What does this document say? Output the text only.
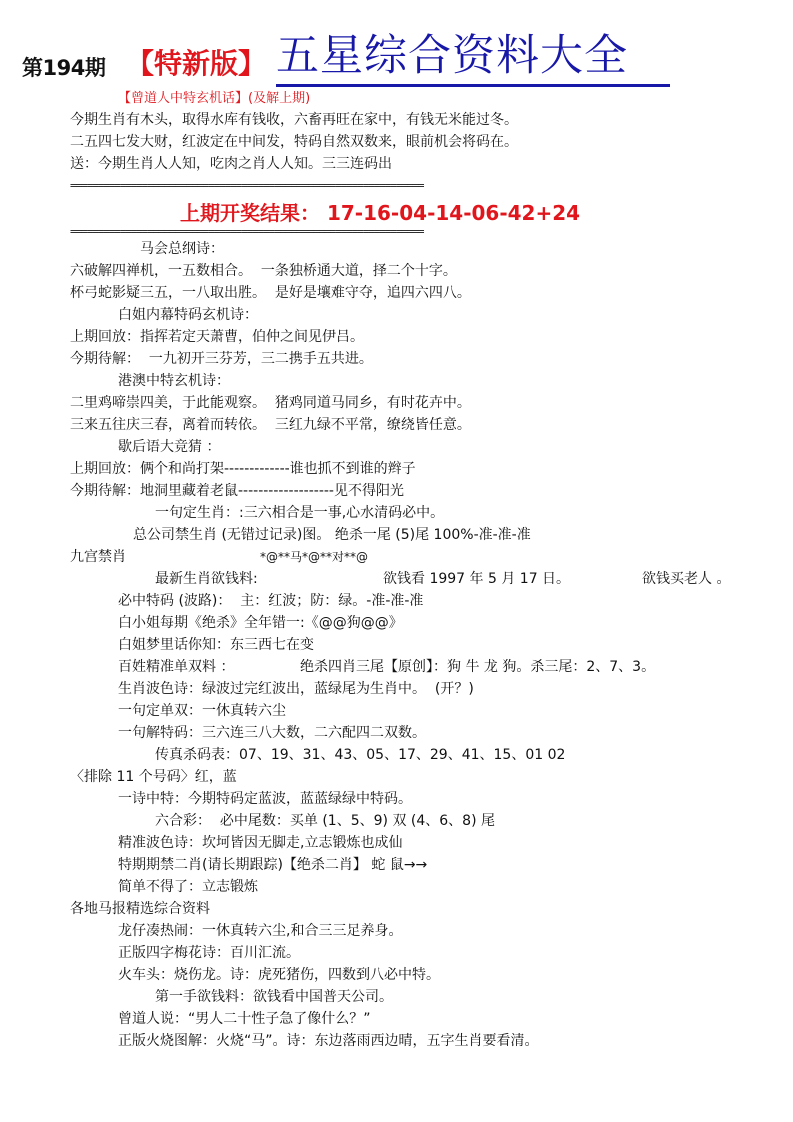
第194期 【特新版】 五星综合资料大全
【曾道人中特玄机话】(及解上期)
今期生肖有木头，取得水库有钱收，六畜再旺在家中，有钱无米能过冬。
二五四七发大财，红波定在中间发，特码自然双数来，眼前机会将码在。
送：今期生肖人人知，吃肉之肖人人知。三三连码出
================================================================
上期开奖结果： 17-16-04-14-06-42+24
================================================================
马会总纲诗：
六破解四禅机，一五数相合。  一条独桥通大道，择二个十字。
杯弓蛇影疑三五，一八取出胜。  是好是壤难守夺，追四六四八。
白姐内幕特码玄机诗：
上期回放：指挥若定天萧曹，伯仲之间见伊吕。
今期待解：  一九初开三芬芳，三二携手五共进。
港澳中特玄机诗：
二里鸡啼崇四美，于此能观察。  猪鸡同道马同乡，有时花卉中。
三来五往庆三春，离着而转依。  三红九绿不平常，缭绕皆任意。
歇后语大竞猜 ：
上期回放：俩个和尚打架-------------谁也抓不到谁的辫子
今期待解：地洞里藏着老鼠-------------------见不得阳光
一句定生肖：:三六相合是一事,心水清码必中。
总公司禁生肖 (无错过记录)图。 绝杀一尾 (5)尾 100%-准-准-准
九宫禁肖	*@**马*@**对**@
最新生肖欲钱料:	欲钱看 1997 年 5 月 17 日。	欲钱买老人 。
必中特码 (波路)：  主：红波；防：绿。-准-准-准
白小姐每期《绝杀》全年错一:《@@狗@@》
白姐梦里话你知：东三西七在变
百姓精准单双料 ：	绝杀四肖三尾【原创】：狗 牛 龙 狗。杀三尾：2、7、3。
生肖波色诗：绿波过完红波出，蓝绿尾为生肖中。  (开？)
一句定单双：一休真转六尘
一句解特码：三六连三八大数，二六配四二双数。
传真杀码表：07、19、31、43、05、17、29、41、15、01 02
〈排除 11 个号码〉红，蓝
一诗中特：今期特码定蓝波，蓝蓝绿绿中特码。
六合彩：  必中尾数：买单 (1、5、9) 双 (4、6、8) 尾
精准波色诗：坎坷皆因无脚走,立志锻炼也成仙
特期期禁二肖(请长期跟踪)【绝杀二肖】 蛇 鼠→→
简单不得了：立志锻炼
各地马报精选综合资料
龙仔凑热闹：一休真转六尘,和合三三足养身。
正版四字梅花诗：百川汇流。
火车头：烧伤龙。诗：虎死猪伤，四数到八必中特。
第一手欲钱料：欲钱看中国普天公司。
曾道人说：“男人二十性子急了像什么？”
正版火烧图解：火烧“马”。诗：东边落雨西边晴，五字生肖要看清。
